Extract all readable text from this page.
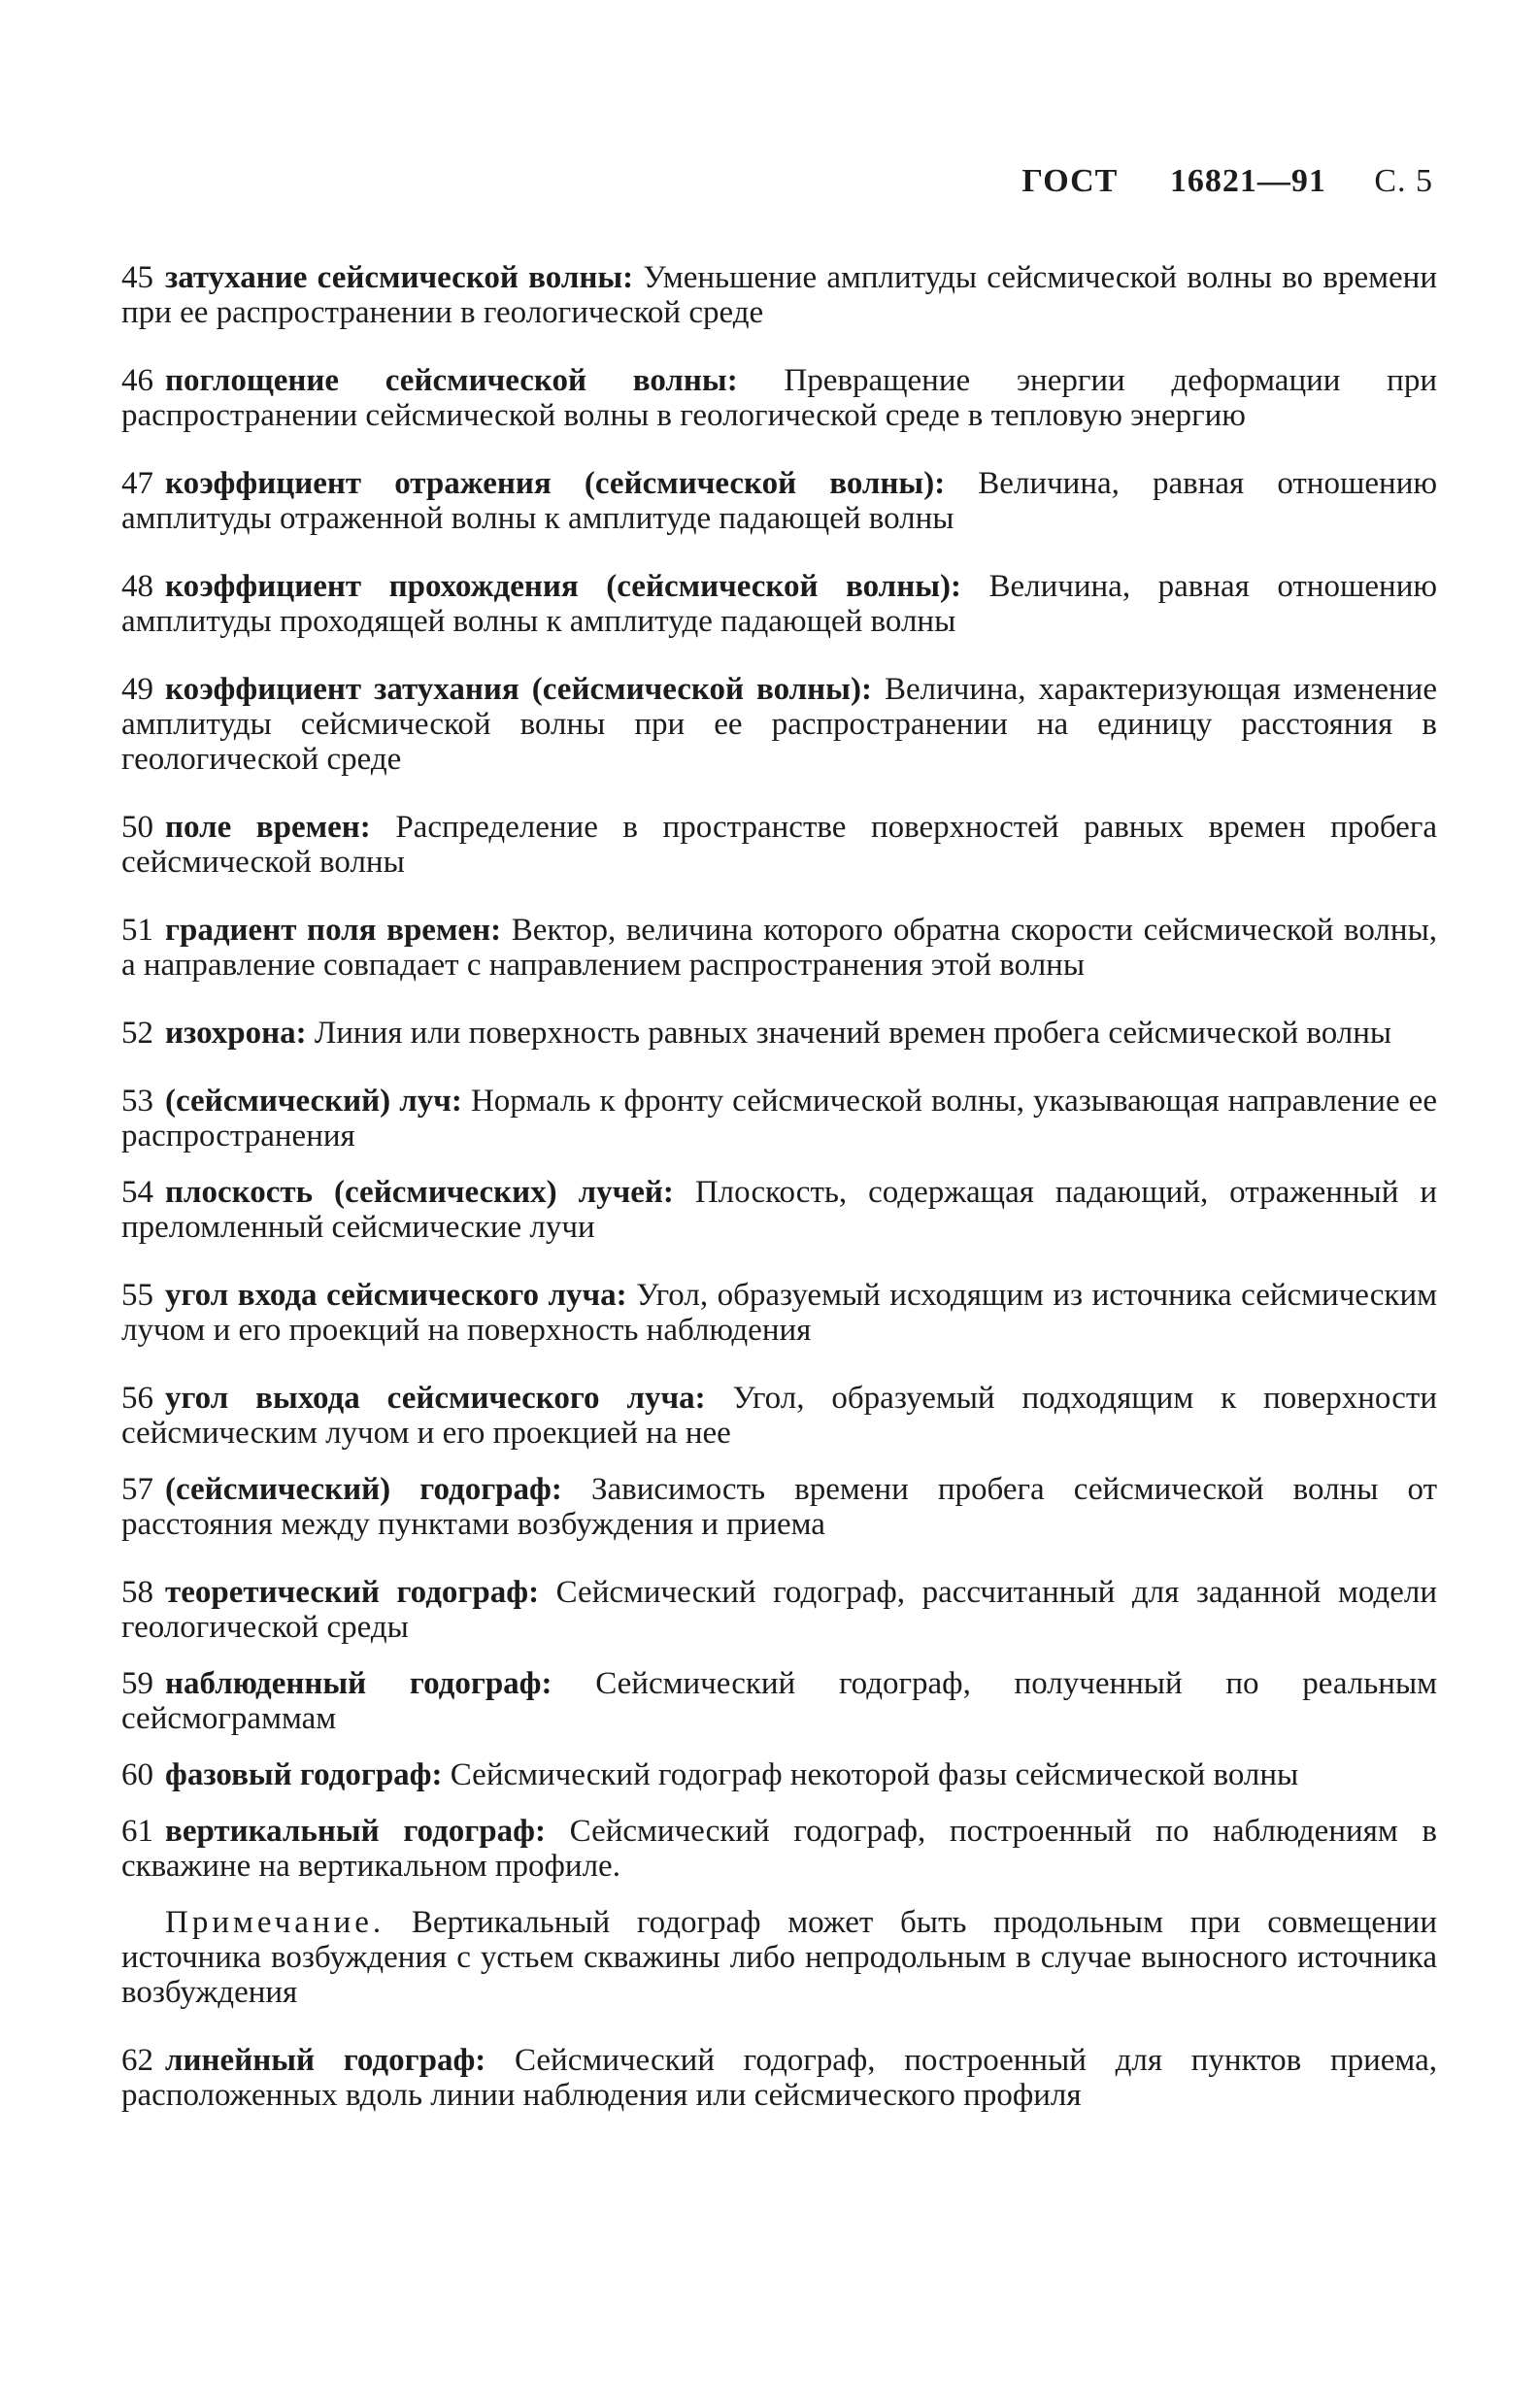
ГОСТ 16821—91 С. 5

45 затухание сейсмической волны: Уменьшение амплитуды сейсмической волны во времени при ее распространении в геологической среде

46 поглощение сейсмической волны: Превращение энергии деформации при распространении сейсмической волны в геологической среде в тепловую энергию

47 коэффициент отражения (сейсмической волны): Величина, равная отношению амплитуды отраженной волны к амплитуде падающей волны

48 коэффициент прохождения (сейсмической волны): Величина, равная отношению амплитуды проходящей волны к амплитуде падающей волны

49 коэффициент затухания (сейсмической волны): Величина, характеризующая изменение амплитуды сейсмической волны при ее распространении на единицу расстояния в геологической среде

50 поле времен: Распределение в пространстве поверхностей равных времен пробега сейсмической волны

51 градиент поля времен: Вектор, величина которого обратна скорости сейсмической волны, а направление совпадает с направлением распространения этой волны

52 изохрона: Линия или поверхность равных значений времен пробега сейсмической волны

53 (сейсмический) луч: Нормаль к фронту сейсмической волны, указывающая направление ее распространения

54 плоскость (сейсмических) лучей: Плоскость, содержащая падающий, отраженный и преломленный сейсмические лучи

55 угол входа сейсмического луча: Угол, образуемый исходящим из источника сейсмическим лучом и его проекций на поверхность наблюдения

56 угол выхода сейсмического луча: Угол, образуемый подходящим к поверхности сейсмическим лучом и его проекцией на нее

57 (сейсмический) годограф: Зависимость времени пробега сейсмической волны от расстояния между пунктами возбуждения и приема

58 теоретический годограф: Сейсмический годограф, рассчитанный для заданной модели геологической среды

59 наблюденный годограф: Сейсмический годограф, полученный по реальным сейсмограммам

60 фазовый годограф: Сейсмический годограф некоторой фазы сейсмической волны

61 вертикальный годограф: Сейсмический годограф, построенный по наблюдениям в скважине на вертикальном профиле.

Примечание. Вертикальный годограф может быть продольным при совмещении источника возбуждения с устьем скважины либо непродольным в случае выносного источника возбуждения

62 линейный годограф: Сейсмический годограф, построенный для пунктов приема, расположенных вдоль линии наблюдения или сейсмического профиля
